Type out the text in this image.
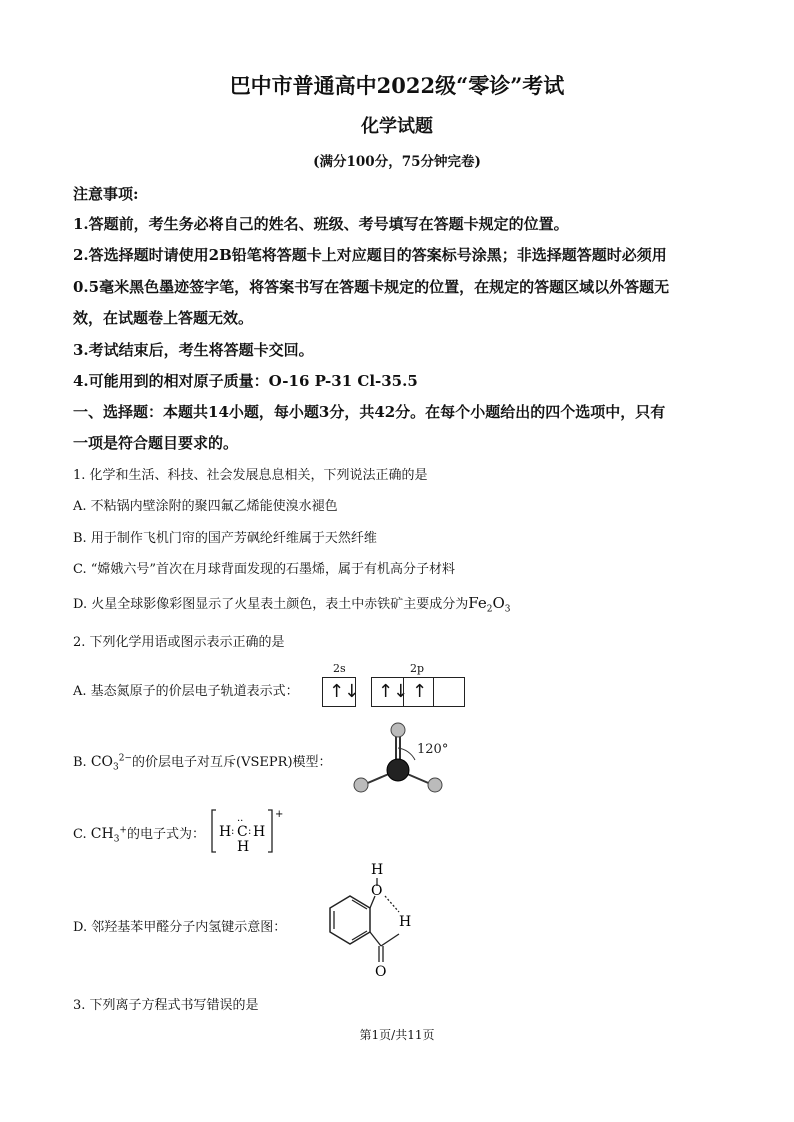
巴中市普通高中2022级“零诊”考试
化学试题
(满分100分，75分钟完卷)
注意事项:
1.答题前，考生务必将自己的姓名、班级、考号填写在答题卡规定的位置。
2.答选择题时请使用2B铅笔将答题卡上对应题目的答案标号涂黑；非选择题答题时必须用
0.5毫米黑色墨迹签字笔，将答案书写在答题卡规定的位置，在规定的答题区域以外答题无
效，在试题卷上答题无效。
3.考试结束后，考生将答题卡交回。
4.可能用到的相对原子质量：O-16 P-31 Cl-35.5
一、选择题：本题共14小题，每小题3分，共42分。在每个小题给出的四个选项中，只有
一项是符合题目要求的。
1. 化学和生活、科技、社会发展息息相关，下列说法正确的是
A. 不粘锅内壁涂附的聚四氟乙烯能使溴水褪色
B. 用于制作飞机门帘的国产芳砜纶纤维属于天然纤维
C. “嫦娥六号”首次在月球背面发现的石墨烯，属于有机高分子材料
D. 火星全球影像彩图显示了火星表土颜色，表土中赤铁矿主要成分为$Fe_2O_3$
2. 下列化学用语或图示表示正确的是
A. 基态氮原子的价层电子轨道表示式：
2s	2p
↑↓ ↑↓ ↑
B. $CO_3^{2-}$的价层电子对互斥(VSEPR)模型：
120°
C. $CH_3^+$的电子式为：
+
H : C
··
: H
H
D. 邻羟基苯甲醛分子内氢键示意图：
H
O
H
O
3. 下列离子方程式书写错误的是
第1页/共11页
